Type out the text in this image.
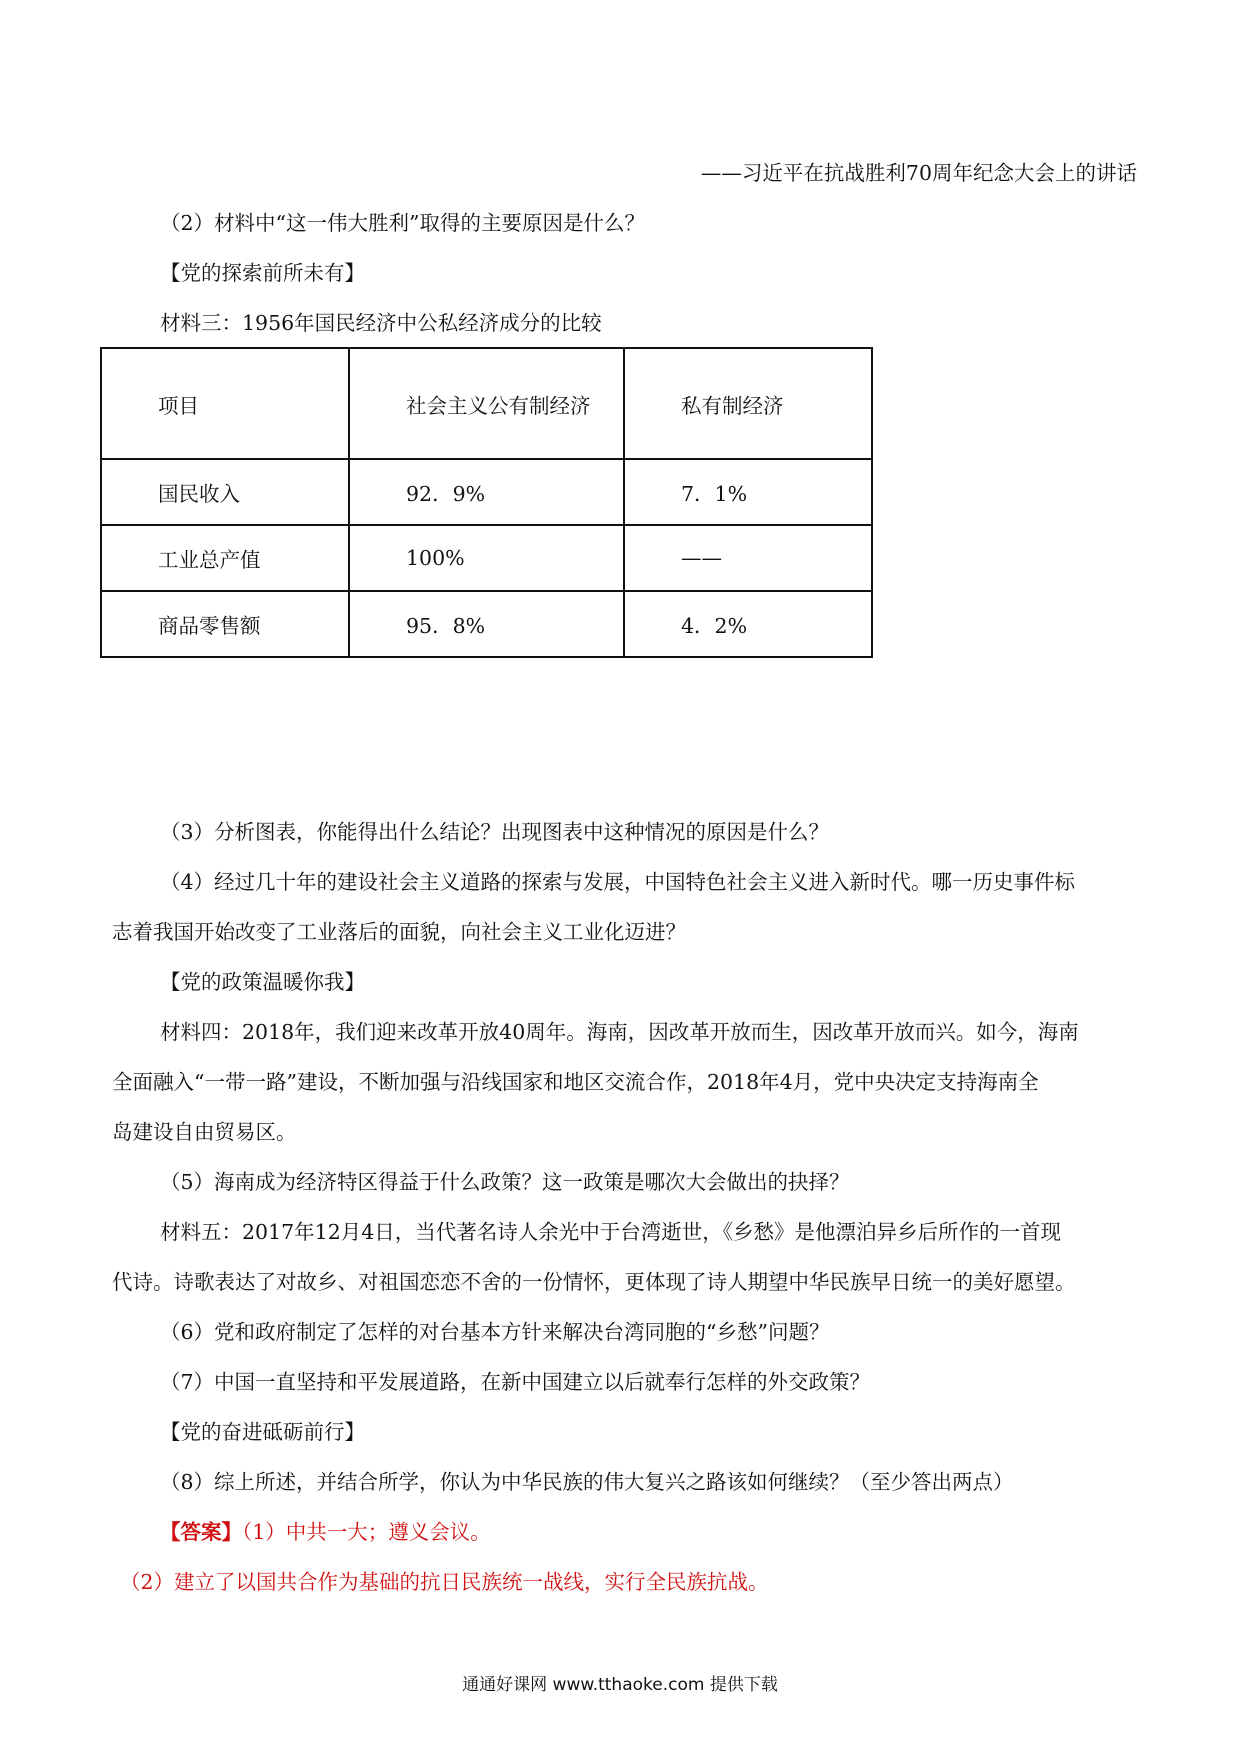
——习近平在抗战胜利70周年纪念大会上的讲话
（2）材料中“这一伟大胜利”取得的主要原因是什么？
【党的探索前所未有】
材料三：1956年国民经济中公私经济成分的比较
项目	社会主义公有制经济	私有制经济
国民收入	92．9%	7．1%
工业总产值	100%	——
商品零售额	95．8%	4．2%
（3）分析图表，你能得出什么结论？出现图表中这种情况的原因是什么？
（4）经过几十年的建设社会主义道路的探索与发展，中国特色社会主义进入新时代。哪一历史事件标
志着我国开始改变了工业落后的面貌，向社会主义工业化迈进？
【党的政策温暖你我】
材料四：2018年，我们迎来改革开放40周年。海南，因改革开放而生，因改革开放而兴。如今，海南
全面融入“一带一路”建设，不断加强与沿线国家和地区交流合作，2018年4月，党中央决定支持海南全
岛建设自由贸易区。
（5）海南成为经济特区得益于什么政策？这一政策是哪次大会做出的抉择？
材料五：2017年12月4日，当代著名诗人余光中于台湾逝世，《乡愁》是他漂泊异乡后所作的一首现
代诗。诗歌表达了对故乡、对祖国恋恋不舍的一份情怀，更体现了诗人期望中华民族早日统一的美好愿望。
（6）党和政府制定了怎样的对台基本方针来解决台湾同胞的“乡愁”问题？
（7）中国一直坚持和平发展道路，在新中国建立以后就奉行怎样的外交政策？
【党的奋进砥砺前行】
（8）综上所述，并结合所学，你认为中华民族的伟大复兴之路该如何继续？（至少答出两点）
【答案】（1）中共一大；遵义会议。
（2）建立了以国共合作为基础的抗日民族统一战线，实行全民族抗战。
通通好课网 www.tthaoke.com 提供下载
